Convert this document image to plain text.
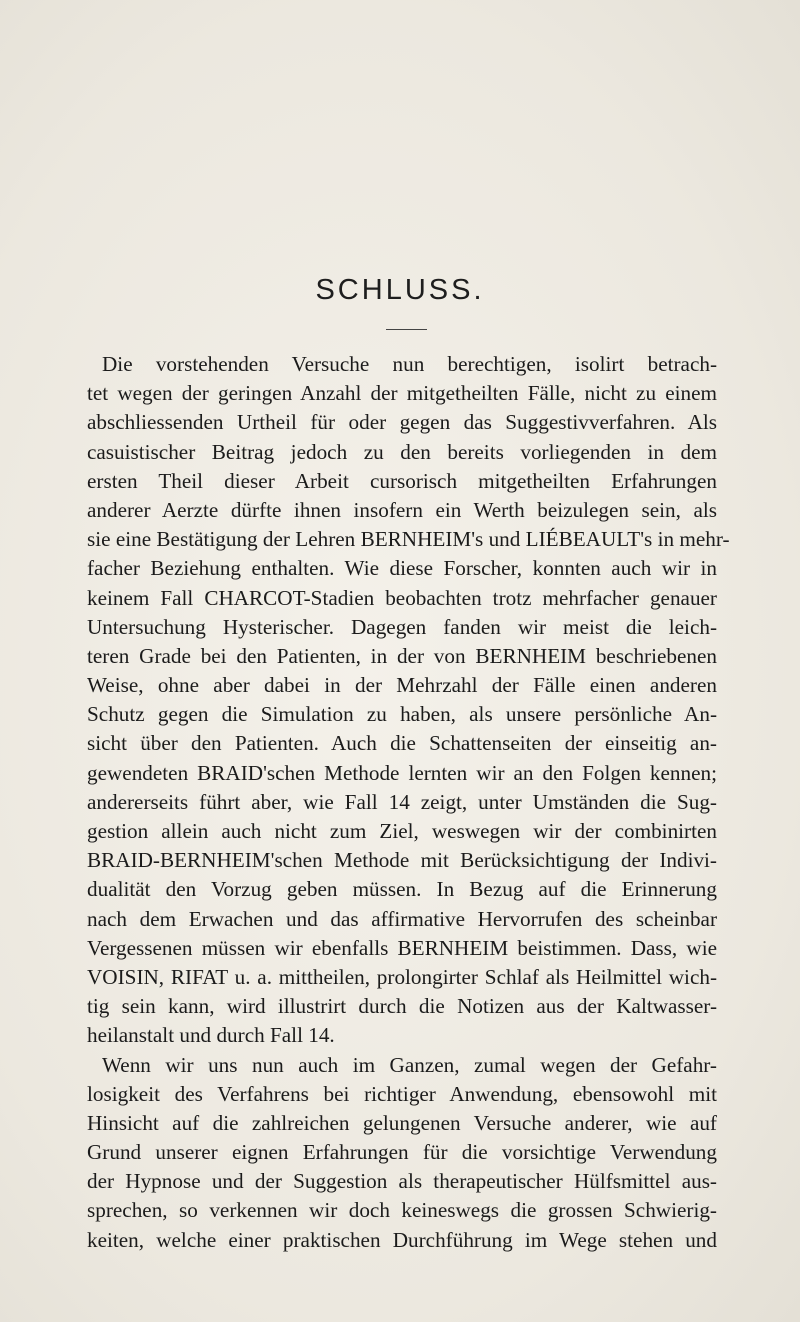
SCHLUSS.
Die vorstehenden Versuche nun berechtigen, isolirt betrach-
tet wegen der geringen Anzahl der mitgetheilten Fälle, nicht zu einem
abschliessenden Urtheil für oder gegen das Suggestivverfahren. Als
casuistischer Beitrag jedoch zu den bereits vorliegenden in dem
ersten Theil dieser Arbeit cursorisch mitgetheilten Erfahrungen
anderer Aerzte dürfte ihnen insofern ein Werth beizulegen sein, als
sie eine Bestätigung der Lehren BERNHEIM's und LIÉBEAULT's in mehr-
facher Beziehung enthalten. Wie diese Forscher, konnten auch wir in
keinem Fall CHARCOT-Stadien beobachten trotz mehrfacher genauer
Untersuchung Hysterischer. Dagegen fanden wir meist die leich-
teren Grade bei den Patienten, in der von BERNHEIM beschriebenen
Weise, ohne aber dabei in der Mehrzahl der Fälle einen anderen
Schutz gegen die Simulation zu haben, als unsere persönliche An-
sicht über den Patienten. Auch die Schattenseiten der einseitig an-
gewendeten BRAID'schen Methode lernten wir an den Folgen kennen;
andererseits führt aber, wie Fall 14 zeigt, unter Umständen die Sug-
gestion allein auch nicht zum Ziel, weswegen wir der combinirten
BRAID-BERNHEIM'schen Methode mit Berücksichtigung der Indivi-
dualität den Vorzug geben müssen. In Bezug auf die Erinnerung
nach dem Erwachen und das affirmative Hervorrufen des scheinbar
Vergessenen müssen wir ebenfalls BERNHEIM beistimmen. Dass, wie
VOISIN, RIFAT u. a. mittheilen, prolongirter Schlaf als Heilmittel wich-
tig sein kann, wird illustrirt durch die Notizen aus der Kaltwasser-
heilanstalt und durch Fall 14.
Wenn wir uns nun auch im Ganzen, zumal wegen der Gefahr-
losigkeit des Verfahrens bei richtiger Anwendung, ebensowohl mit
Hinsicht auf die zahlreichen gelungenen Versuche anderer, wie auf
Grund unserer eignen Erfahrungen für die vorsichtige Verwendung
der Hypnose und der Suggestion als therapeutischer Hülfsmittel aus-
sprechen, so verkennen wir doch keineswegs die grossen Schwierig-
keiten, welche einer praktischen Durchführung im Wege stehen und
